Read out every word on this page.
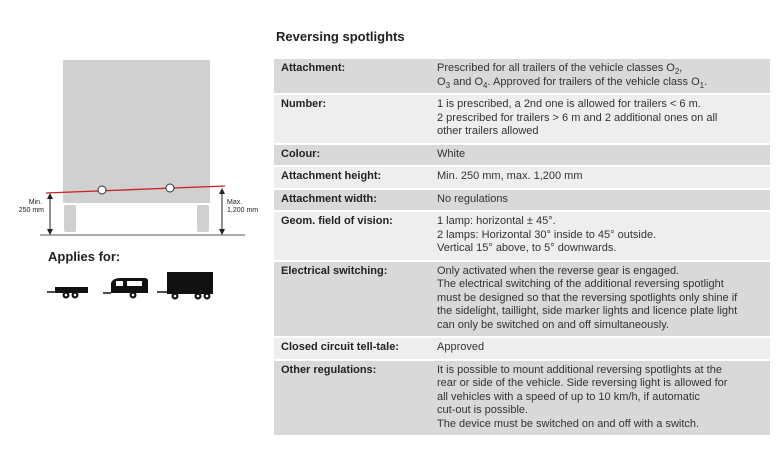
Reversing spotlights
Min.
250 mm
Max.
1,200 mm
Applies for:
Attachment:	Prescribed for all trailers of the vehicle classes $O_2$,
$O_3$ and $O_4$. Approved for trailers of the vehicle class $O_1$.

Number:	1 is prescribed, a 2nd one is allowed for trailers < 6 m.
2 prescribed for trailers > 6 m and 2 additional ones on all
other trailers allowed

Colour:	White

Attachment height:	Min. 250 mm, max. 1,200 mm

Attachment width:	No regulations

Geom. field of vision:	1 lamp: horizontal ± 45°.
2 lamps: Horizontal 30° inside to 45° outside.
Vertical 15° above, to 5° downwards.

Electrical switching:	Only activated when the reverse gear is engaged.
The electrical switching of the additional reversing spotlight
must be designed so that the reversing spotlights only shine if
the sidelight, taillight, side marker lights and licence plate light
can only be switched on and off simultaneously.

Closed circuit tell-tale:	Approved

Other regulations:	It is possible to mount additional reversing spotlights at the
rear or side of the vehicle. Side reversing light is allowed for
all vehicles with a speed of up to 10 km/h, if automatic
cut-out is possible.
The device must be switched on and off with a switch.
